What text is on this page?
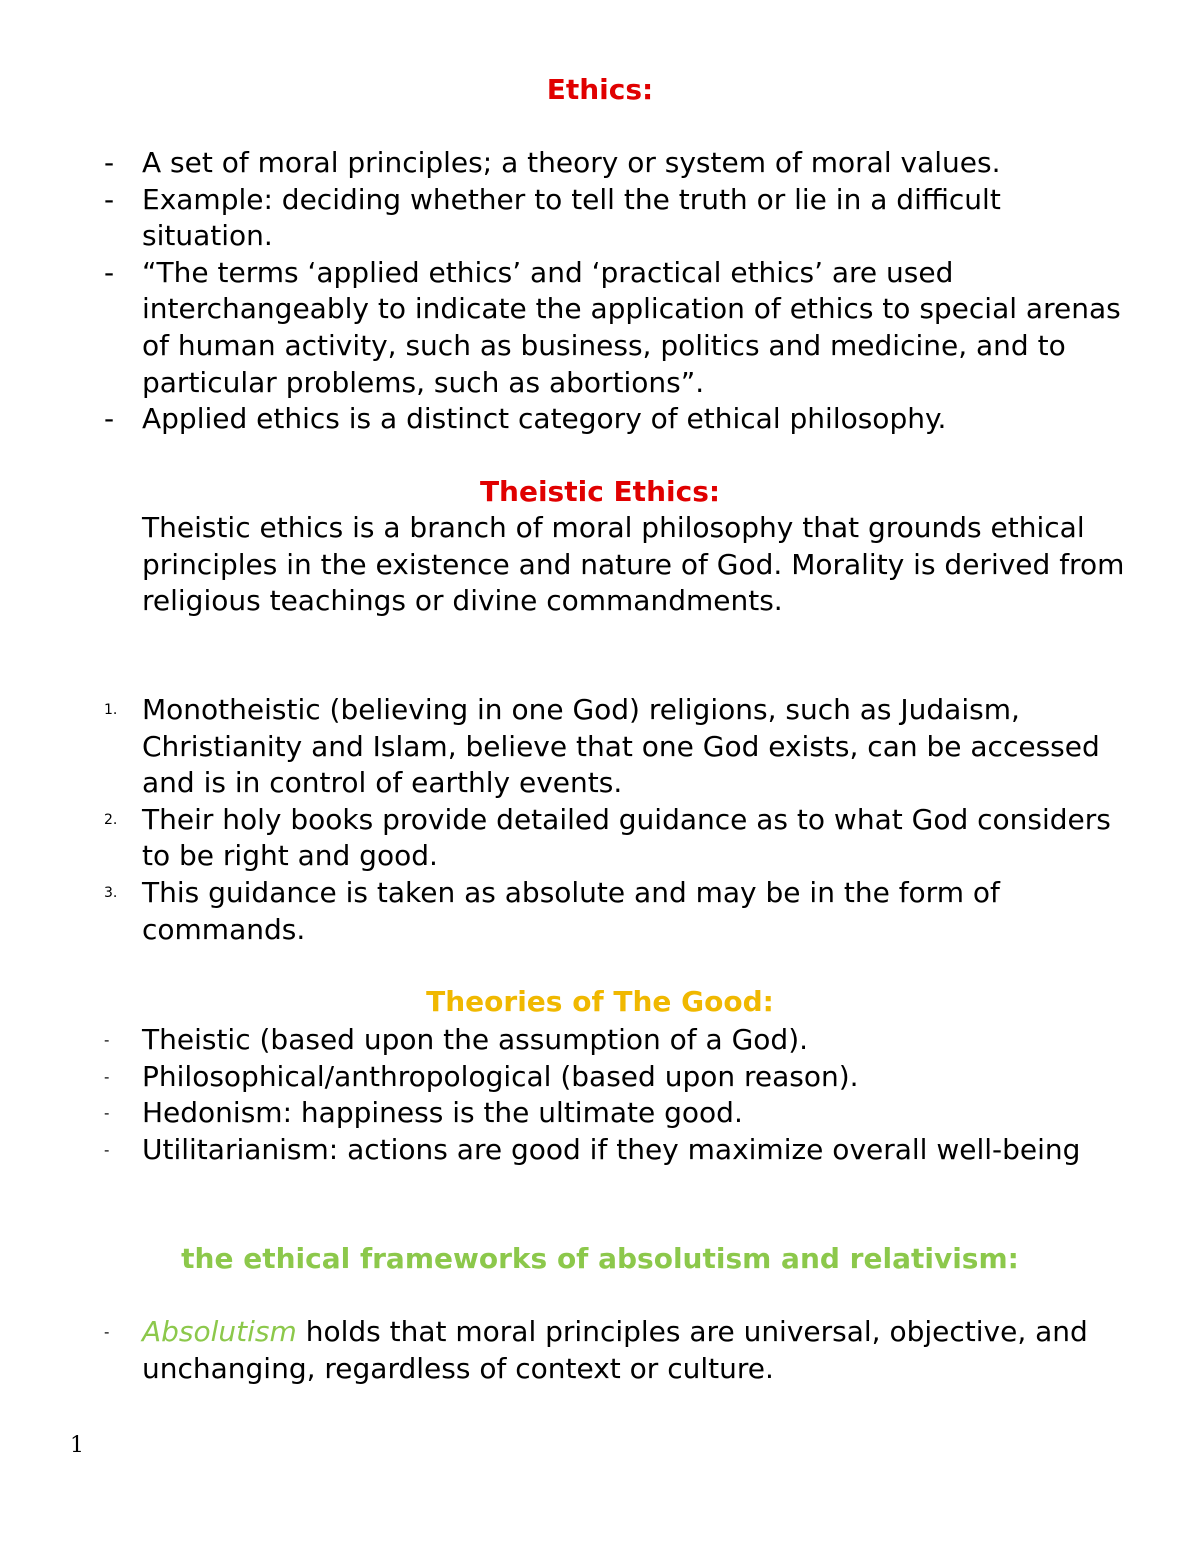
Ethics:
- A set of moral principles; a theory or system of moral values.
- Example: deciding whether to tell the truth or lie in a difficult situation.
- “The terms ‘applied ethics’ and ‘practical ethics’ are used interchangeably to indicate the application of ethics to special arenas of human activity, such as business, politics and medicine, and to particular problems, such as abortions”.
- Applied ethics is a distinct category of ethical philosophy.
Theistic Ethics:

Theistic ethics is a branch of moral philosophy that grounds ethical principles in the existence and nature of God. Morality is derived from religious teachings or divine commandments.

1. Monotheistic (believing in one God) religions, such as Judaism, Christianity and Islam, believe that one God exists, can be accessed and is in control of earthly events.
2. Their holy books provide detailed guidance as to what God considers to be right and good.
3. This guidance is taken as absolute and may be in the form of commands.
Theories of The Good:
- Theistic (based upon the assumption of a God).
- Philosophical/anthropological (based upon reason).
- Hedonism: happiness is the ultimate good.
- Utilitarianism: actions are good if they maximize overall well-being
the ethical frameworks of absolutism and relativism:
- Absolutism holds that moral principles are universal, objective, and unchanging, regardless of context or culture.
1
